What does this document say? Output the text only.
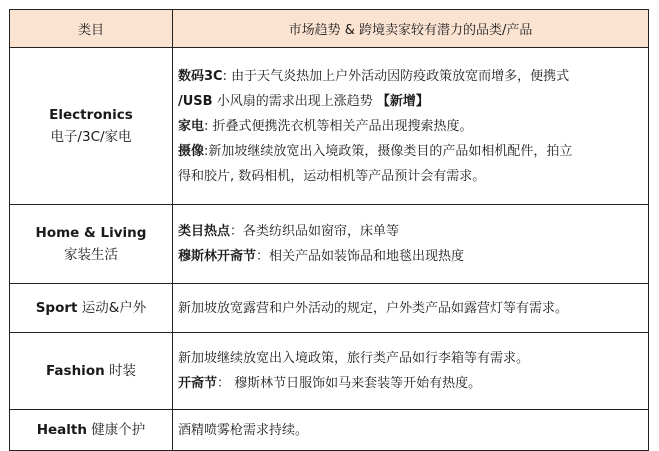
类目	市场趋势 & 跨境卖家较有潜力的品类/产品
Electronics
电子/3C/家电	数码3C: 由于天气炎热加上户外活动因防疫政策放宽而增多，便携式
/USB 小风扇的需求出现上涨趋势 【新增】
家电: 折叠式便携洗衣机等相关产品出现搜索热度。
摄像:新加坡继续放宽出入境政策，摄像类目的产品如相机配件，拍立
得和胶片, 数码相机，运动相机等产品预计会有需求。

Home & Living
家装生活	类目热点：各类纺织品如窗帘，床单等
穆斯林开斋节：相关产品如装饰品和地毯出现热度

Sport 运动&户外	新加坡放宽露营和户外活动的规定，户外类产品如露营灯等有需求。

Fashion 时装	新加坡继续放宽出入境政策，旅行类产品如行李箱等有需求。
开斋节： 穆斯林节日服饰如马来套装等开始有热度。

Health 健康个护	酒精喷雾枪需求持续。
